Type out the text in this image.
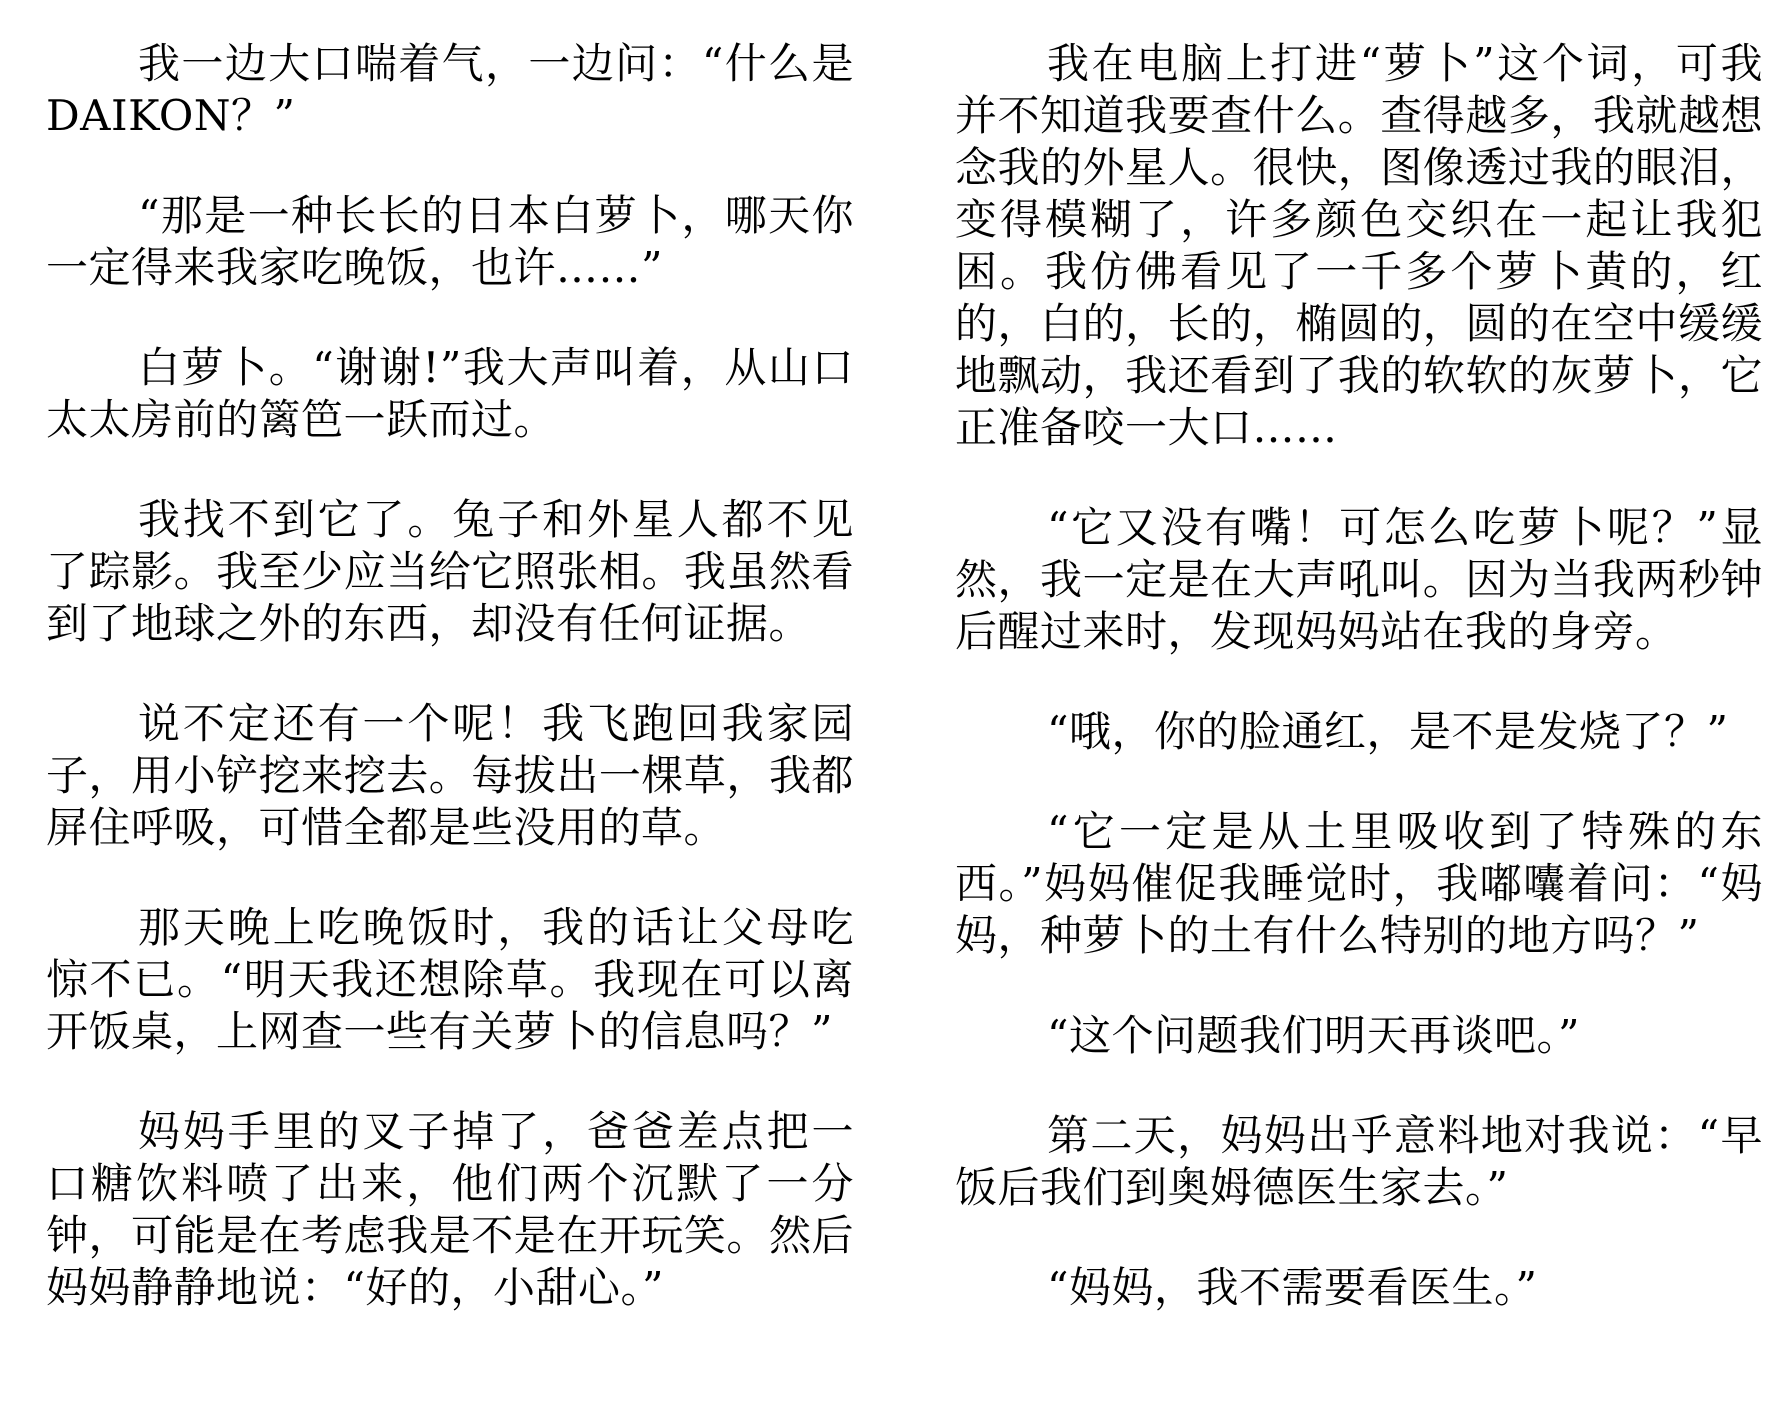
我一边大口喘着气，一边问：“什么是DAIKON？”

“那是一种长长的日本白萝卜，哪天你一定得来我家吃晚饭，也许……”

白萝卜。“谢谢!”我大声叫着，从山口太太房前的篱笆一跃而过。

我找不到它了。兔子和外星人都不见了踪影。我至少应当给它照张相。我虽然看到了地球之外的东西，却没有任何证据。

说不定还有一个呢！我飞跑回我家园子，用小铲挖来挖去。每拔出一棵草，我都屏住呼吸，可惜全都是些没用的草。

那天晚上吃晚饭时，我的话让父母吃惊不已。“明天我还想除草。我现在可以离开饭桌，上网查一些有关萝卜的信息吗？”

妈妈手里的叉子掉了，爸爸差点把一口糖饮料喷了出来，他们两个沉默了一分钟，可能是在考虑我是不是在开玩笑。然后妈妈静静地说：“好的，小甜心。”

我在电脑上打进“萝卜”这个词，可我并不知道我要查什么。查得越多，我就越想念我的外星人。很快，图像透过我的眼泪，变得模糊了，许多颜色交织在一起让我犯困。我仿佛看见了一千多个萝卜黄的，红的，白的，长的，椭圆的，圆的在空中缓缓地飘动，我还看到了我的软软的灰萝卜，它正准备咬一大口……

“它又没有嘴！可怎么吃萝卜呢？”显然，我一定是在大声吼叫。因为当我两秒钟后醒过来时，发现妈妈站在我的身旁。

“哦，你的脸通红，是不是发烧了？”

“它一定是从土里吸收到了特殊的东西。”妈妈催促我睡觉时，我嘟囔着问：“妈妈，种萝卜的土有什么特别的地方吗？”

“这个问题我们明天再谈吧。”

第二天，妈妈出乎意料地对我说：“早饭后我们到奥姆德医生家去。”

“妈妈，我不需要看医生。”
